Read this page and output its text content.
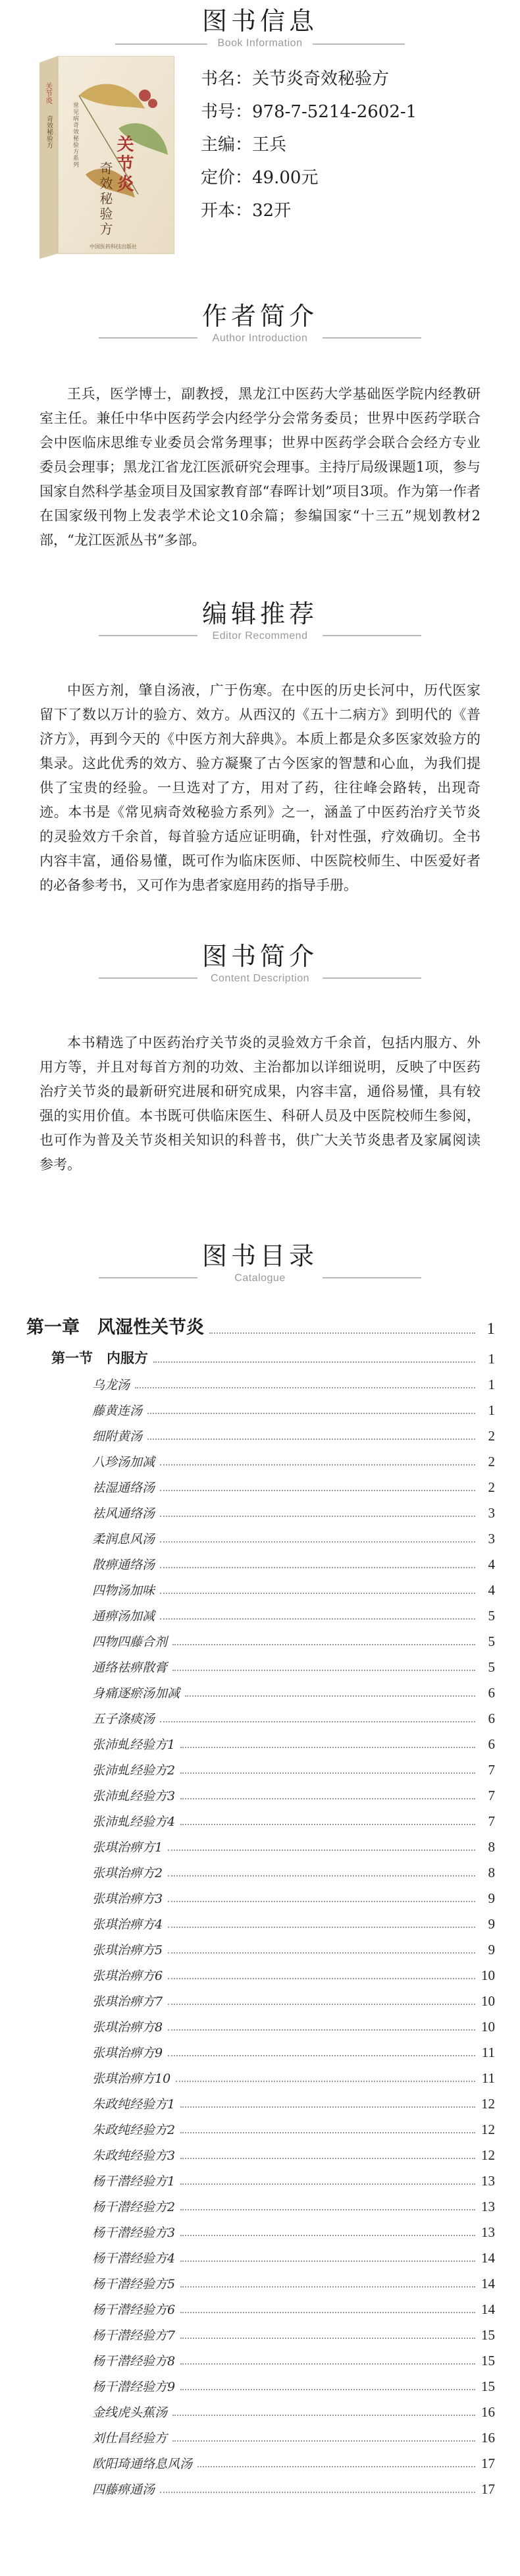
图书信息
Book Information
关节炎
奇效秘验方
常见病奇效秘验方系列
中国医药科技出版社
关节炎
奇效秘验方
书名：关节炎奇效秘验方
书号：978-7-5214-2602-1
主编：王兵
定价：49.00元
开本：32开
作者简介
Author Introduction
王兵，医学博士，副教授，黑龙江中医药大学基础医学院内经教研室主任。兼任中华中医药学会内经学分会常务委员；世界中医药学联合会中医临床思维专业委员会常务理事；世界中医药学会联合会经方专业委员会理事；黑龙江省龙江医派研究会理事。主持厅局级课题1项，参与国家自然科学基金项目及国家教育部“春晖计划”项目3项。作为第一作者在国家级刊物上发表学术论文10余篇；参编国家“十三五”规划教材2部，“龙江医派丛书”多部。
编辑推荐
Editor Recommend
中医方剂，肇自汤液，广于伤寒。在中医的历史长河中，历代医家留下了数以万计的验方、效方。从西汉的《五十二病方》到明代的《普济方》，再到今天的《中医方剂大辞典》。本质上都是众多医家效验方的集录。这此优秀的效方、验方凝聚了古今医家的智慧和心血，为我们提供了宝贵的经验。一旦选对了方，用对了药，往往峰会路转，出现奇迹。本书是《常见病奇效秘验方系列》之一，涵盖了中医药治疗关节炎的灵验效方千余首，每首验方适应证明确，针对性强，疗效确切。全书内容丰富，通俗易懂，既可作为临床医师、中医院校师生、中医爱好者的必备参考书，又可作为患者家庭用药的指导手册。
图书简介
Content Description
本书精选了中医药治疗关节炎的灵验效方千余首，包括内服方、外用方等，并且对每首方剂的功效、主治都加以详细说明，反映了中医药治疗关节炎的最新研究进展和研究成果，内容丰富，通俗易懂，具有较强的实用价值。本书既可供临床医生、科研人员及中医院校师生参阅，也可作为普及关节炎相关知识的科普书，供广大关节炎患者及家属阅读参考。
图书目录
Catalogue
第一章　风湿性关节炎	1
第一节　内服方	1
乌龙汤	1
藤黄连汤	1
细附黄汤	2
八珍汤加减	2
祛湿通络汤	2
祛风通络汤	3
柔润息风汤	3
散痹通络汤	4
四物汤加味	4
通痹汤加减	5
四物四藤合剂	5
通络祛痹散膏	5
身痛逐瘀汤加减	6
五子涤痰汤	6
张沛虬经验方1	6
张沛虬经验方2	7
张沛虬经验方3	7
张沛虬经验方4	7
张琪治痹方1	8
张琪治痹方2	8
张琪治痹方3	9
张琪治痹方4	9
张琪治痹方5	9
张琪治痹方6	10
张琪治痹方7	10
张琪治痹方8	10
张琪治痹方9	11
张琪治痹方10	11
朱政纯经验方1	12
朱政纯经验方2	12
朱政纯经验方3	12
杨干潜经验方1	13
杨干潜经验方2	13
杨干潜经验方3	13
杨干潜经验方4	14
杨干潜经验方5	14
杨干潜经验方6	14
杨干潜经验方7	15
杨干潜经验方8	15
杨干潜经验方9	15
金线虎头蕉汤	16
刘仕昌经验方	16
欧阳琦通络息风汤	17
四藤痹通汤	17
